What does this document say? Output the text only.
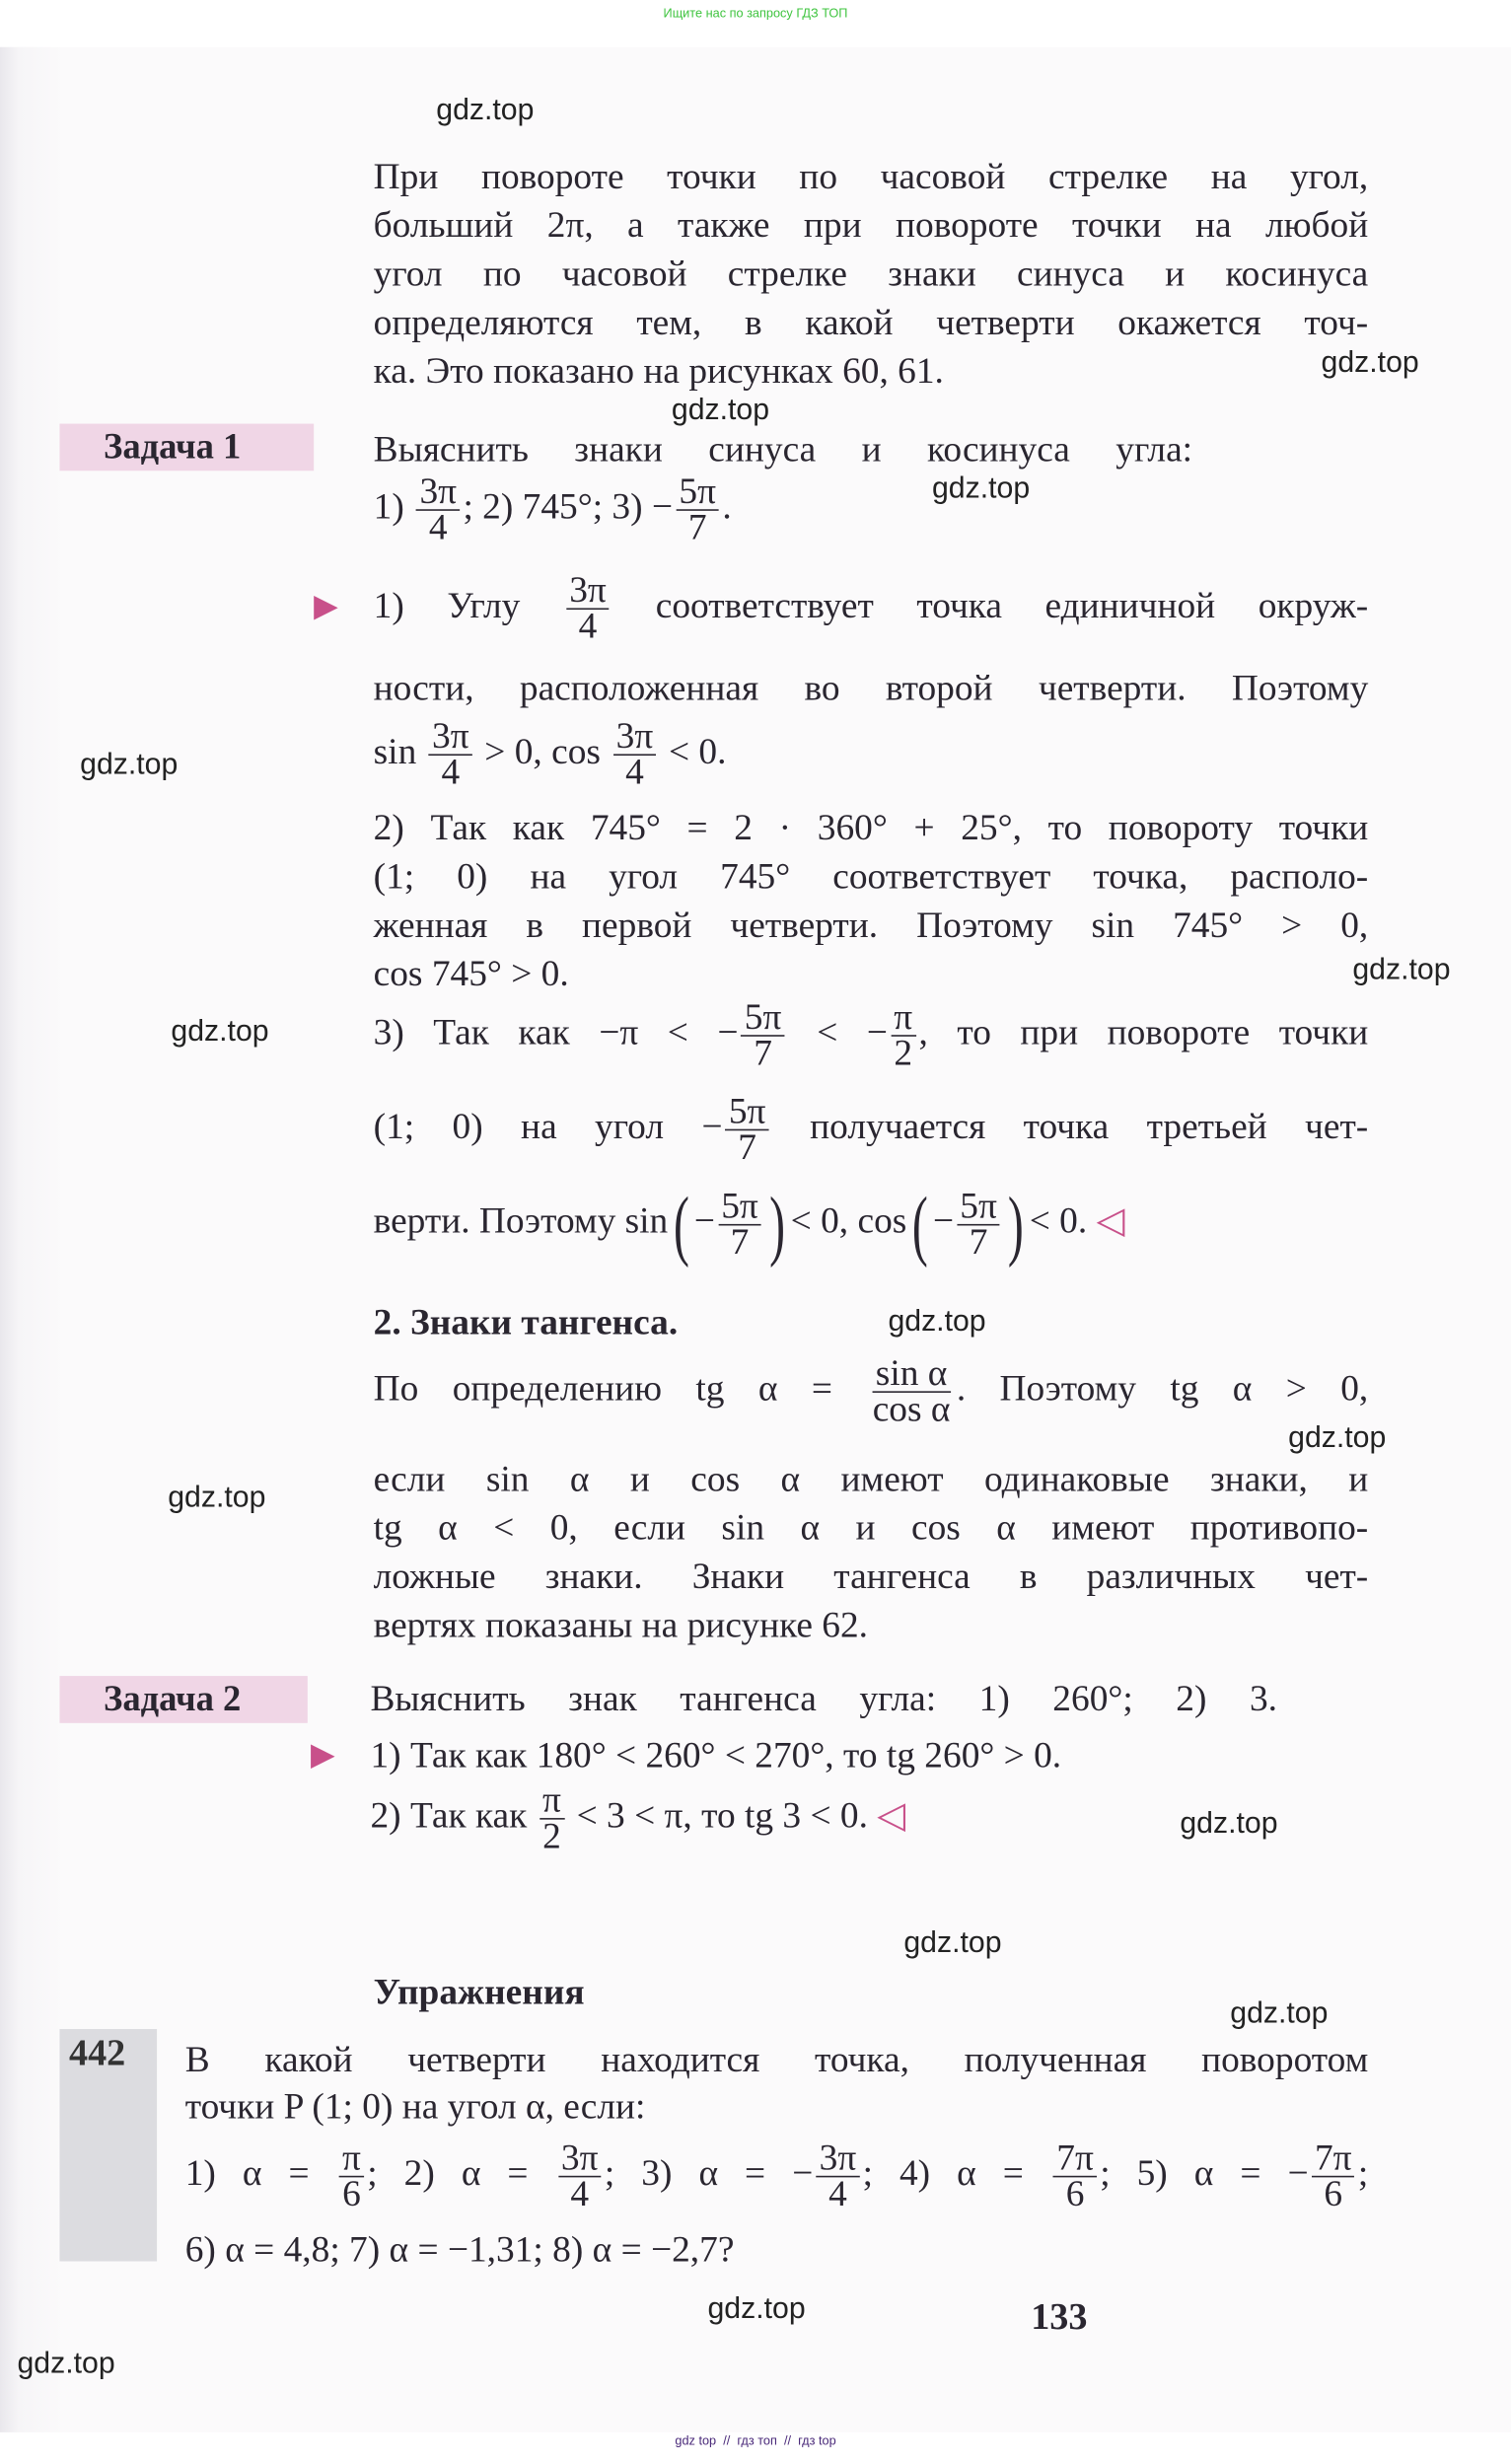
Ищите нас по запросу ГДЗ ТОП
gdz top  //  гдз топ  //  гдз top
Задача 1
Задача 2
▶
▶
442
133
При повороте точки по часовой стрелке на угол,
больший 2π, а также при повороте точки на любой
угол по часовой стрелке знаки синуса и косинуса
определяются тем, в какой четверти окажется точ-
ка. Это показано на рисунках 60, 61.
Выяснить знаки синуса и косинуса угла:
$1) \frac{3\pi}{4}$ ; 2) 745°; $3) - \frac{5\pi}{7}$ .
1) Углу $\frac{3\pi}{4}$ соответствует точка единичной окруж-
ности, расположенная во второй четверти. Поэтому
$\sin \frac{3\pi}{4} > 0$, $\cos \frac{3\pi}{4} < 0$.
2) Так как 745° = 2 · 360° + 25°, то повороту точки
(1; 0) на угол 745° соответствует точка, располо-
женная в первой четверти. Поэтому sin 745° > 0,
cos 745° > 0.
3) Так как −π < − $\frac{5\pi}{7}$ < − $\frac{\pi}{2}$ , то при повороте точки
(1; 0) на угол − $\frac{5\pi}{7}$ получается точка третьей чет-
верти. Поэтому sin ( − $\frac{5\pi}{7}$ ) < 0, cos ( − $\frac{5\pi}{7}$ ) < 0. ◁
2. Знаки тангенса.
По определению tg $\alpha = \frac{\text{sin α}}{\text{cos α}}$ . Поэтому tg α > 0,
если sin α и cos α имеют одинаковые знаки, и
tg α < 0, если sin α и cos α имеют противопо-
ложные знаки. Знаки тангенса в различных чет-
вертях показаны на рисунке 62.
Выяснить знак тангенса угла: 1) 260°; 2) 3.
1) Так как 180° < 260° < 270°, то tg 260° > 0.
2) Так как $\frac{\pi}{2} < 3 < \pi$, то tg 3 < 0. ◁
Упражнения
В какой четверти находится точка, полученная поворотом
точки P (1; 0) на угол α, если:
1) $\alpha = \frac{\pi}{6}$ ; 2) $\alpha = \frac{3\pi}{4}$ ; 3) α = − $\frac{3\pi}{4}$ ; 4) $\alpha = \frac{7\pi}{6}$ ; 5) α = − $\frac{7\pi}{6}$ ;
6) α = 4,8; 7) α = −1,31; 8) α = −2,7?
gdz.top
gdz.top
gdz.top
gdz.top
gdz.top
gdz.top
gdz.top
gdz.top
gdz.top
gdz.top
gdz.top
gdz.top
gdz.top
gdz.top
gdz.top
